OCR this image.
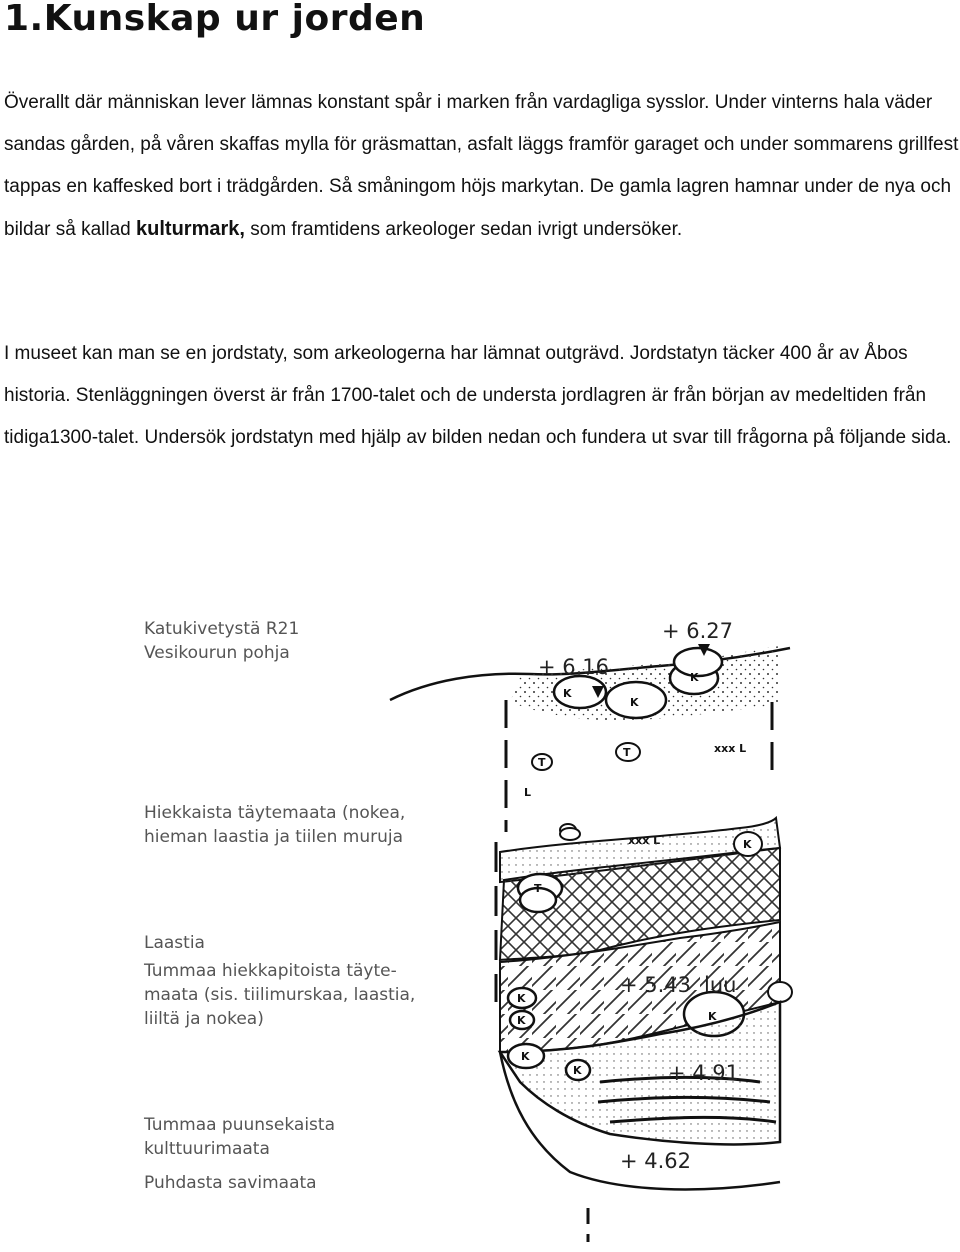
1.Kunskap ur jorden

Överallt där människan lever lämnas konstant spår i marken från vardagliga sysslor. Under vinterns hala väder sandas gården, på våren skaffas mylla för gräsmattan, asfalt läggs framför garaget och under sommarens grillfest tappas en kaffesked bort i trädgården. Så småningom höjs markytan. De gamla lagren hamnar under de nya och bildar så kallad kulturmark, som framtidens arkeologer sedan ivrigt undersöker.

I museet kan man se en jordstaty, som arkeologerna har lämnat outgrävd. Jordstatyn täcker 400 år av Åbos historia. Stenläggningen överst är från 1700-talet och de understa jordlagren är från början av medeltiden från tidiga1300-talet. Undersök jordstatyn med hjälp av bilden nedan och fundera ut svar till frågorna på följande sida.

Katukivetystä R21
Vesikourun pohja
Hiekkaista täytemaata (nokea,
hieman laastia ja tiilen muruja
Laastia
Tummaa hiekkapitoista täyte-
maata (sis. tiilimurskaa, laastia,
liiltä ja nokea)
Tummaa puunsekaista
kulttuurimaata
Puhdasta savimaata
K
K
K
+ 6.27
+ 6.16
T
T	xxx L
L
T
K
K
K	K
+ 5.43 luu
K
K	+ 4.91
+ 4.62
